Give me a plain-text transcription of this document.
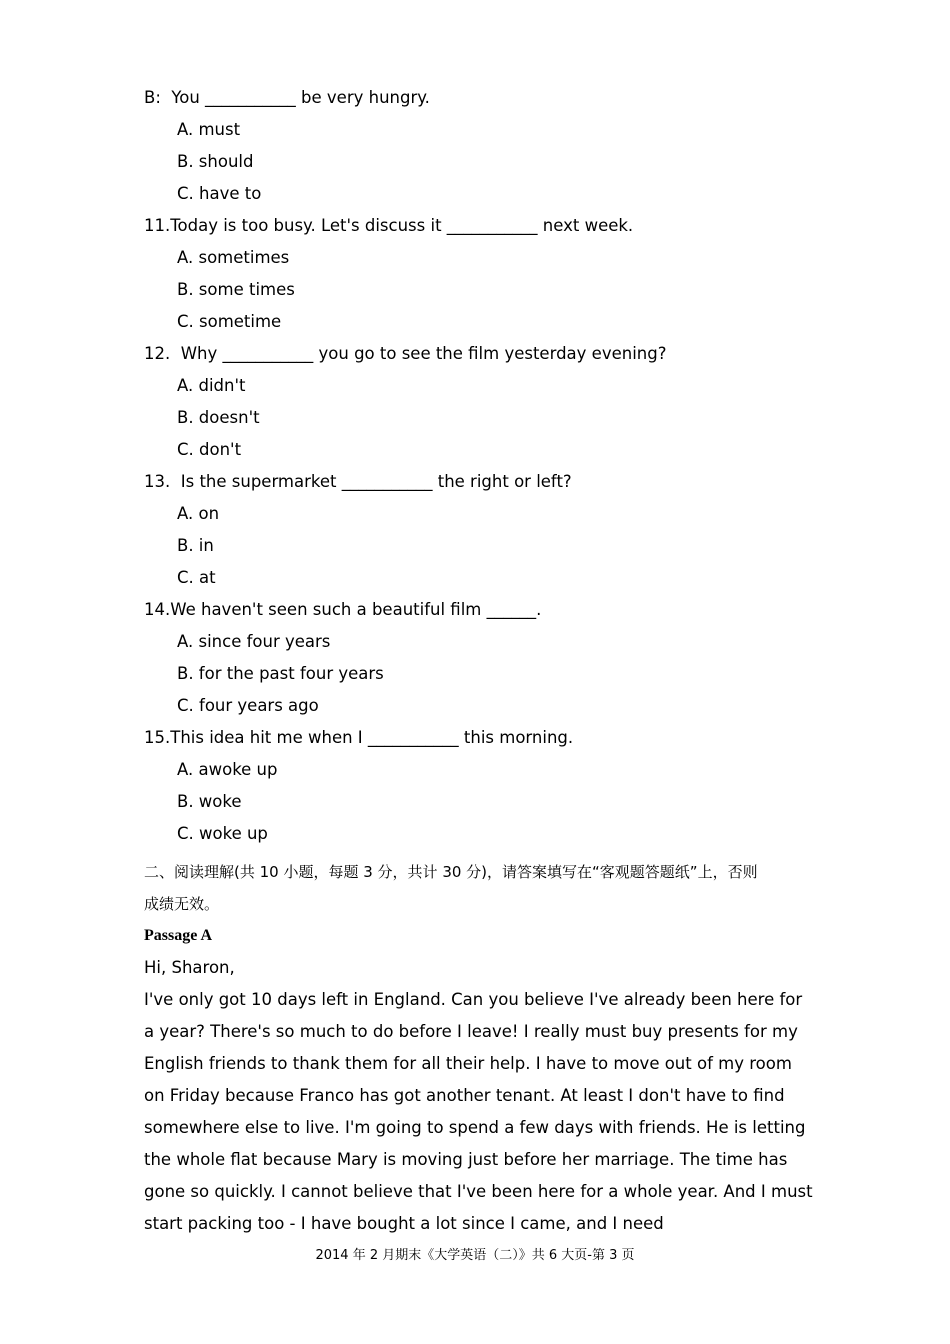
B:  You ___________ be very hungry.
A. must
B. should
C. have to
11.Today is too busy. Let's discuss it ___________ next week.
A. sometimes
B. some times
C. sometime
12.  Why ___________ you go to see the film yesterday evening?
A. didn't
B. doesn't
C. don't
13.  Is the supermarket ___________ the right or left?
A. on
B. in
C. at
14.We haven't seen such a beautiful film ______.
A. since four years
B. for the past four years
C. four years ago
15.This idea hit me when I ___________ this morning.
A. awoke up
B. woke
C. woke up
二、阅读理解(共 10 小题，每题 3 分，共计 30 分)，请答案填写在“客观题答题纸”上，否则
成绩无效。
Passage A
Hi, Sharon,
I've only got 10 days left in England. Can you believe I've already been here for a year? There's so much to do before I leave! I really must buy presents for my English friends to thank them for all their help. I have to move out of my room on Friday because Franco has got another tenant. At least I don't have to find somewhere else to live. I'm going to spend a few days with friends. He is letting the whole flat because Mary is moving just before her marriage. The time has gone so quickly. I cannot believe that I've been here for a whole year. And I must start packing too - I have bought a lot since I came, and I need
2014 年 2 月期末《大学英语（二）》共 6 大页-第 3 页
